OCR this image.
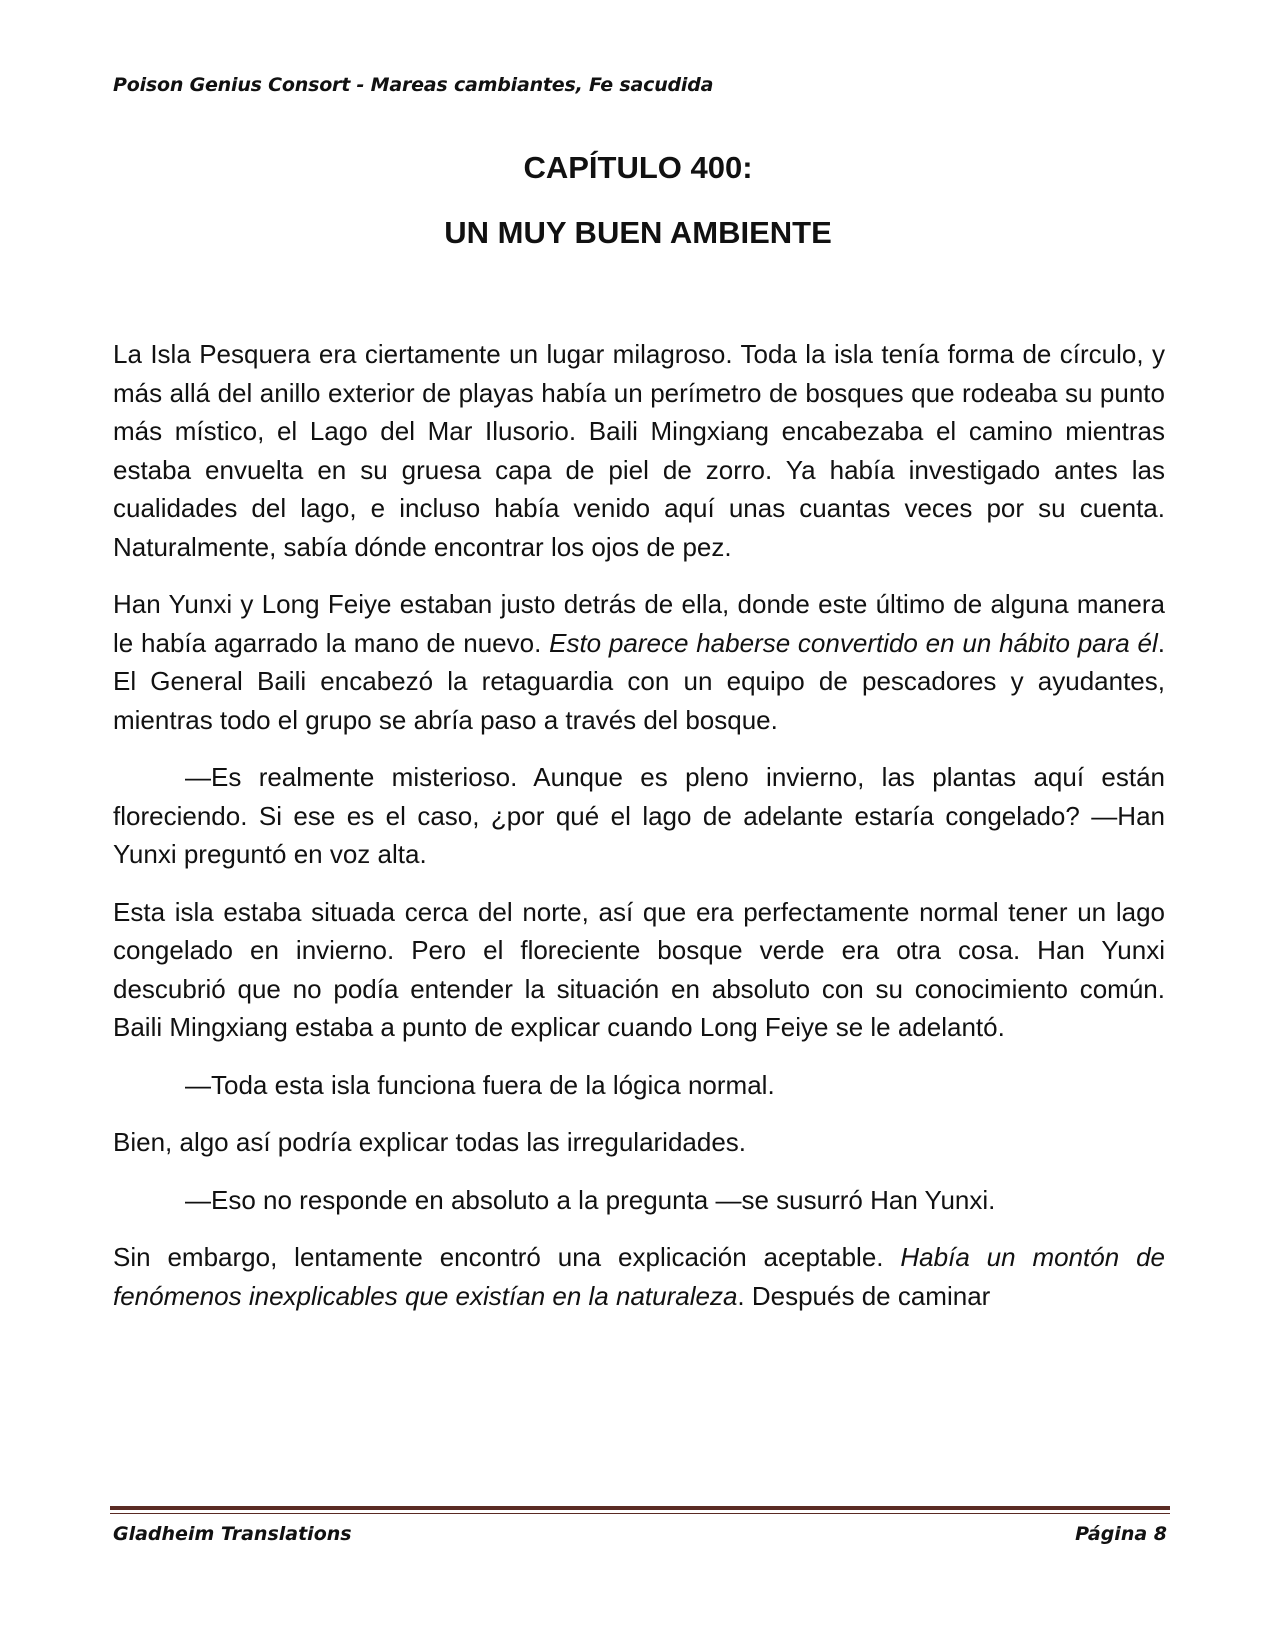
Poison Genius Consort - Mareas cambiantes, Fe sacudida
CAPÍTULO 400:
UN MUY BUEN AMBIENTE

La Isla Pesquera era ciertamente un lugar milagroso. Toda la isla tenía forma de círculo, y más allá del anillo exterior de playas había un perímetro de bosques que rodeaba su punto más místico, el Lago del Mar Ilusorio. Baili Mingxiang encabezaba el camino mientras estaba envuelta en su gruesa capa de piel de zorro. Ya había investigado antes las cualidades del lago, e incluso había venido aquí unas cuantas veces por su cuenta. Naturalmente, sabía dónde encontrar los ojos de pez.

Han Yunxi y Long Feiye estaban justo detrás de ella, donde este último de alguna manera le había agarrado la mano de nuevo. Esto parece haberse convertido en un hábito para él. El General Baili encabezó la retaguardia con un equipo de pescadores y ayudantes, mientras todo el grupo se abría paso a través del bosque.

—Es realmente misterioso. Aunque es pleno invierno, las plantas aquí están floreciendo. Si ese es el caso, ¿por qué el lago de adelante estaría congelado? —Han Yunxi preguntó en voz alta.

Esta isla estaba situada cerca del norte, así que era perfectamente normal tener un lago congelado en invierno. Pero el floreciente bosque verde era otra cosa. Han Yunxi descubrió que no podía entender la situación en absoluto con su conocimiento común. Baili Mingxiang estaba a punto de explicar cuando Long Feiye se le adelantó.

—Toda esta isla funciona fuera de la lógica normal.

Bien, algo así podría explicar todas las irregularidades.

—Eso no responde en absoluto a la pregunta —se susurró Han Yunxi.

Sin embargo, lentamente encontró una explicación aceptable. Había un montón de fenómenos inexplicables que existían en la naturaleza. Después de caminar

Gladheim Translations	Página 8
